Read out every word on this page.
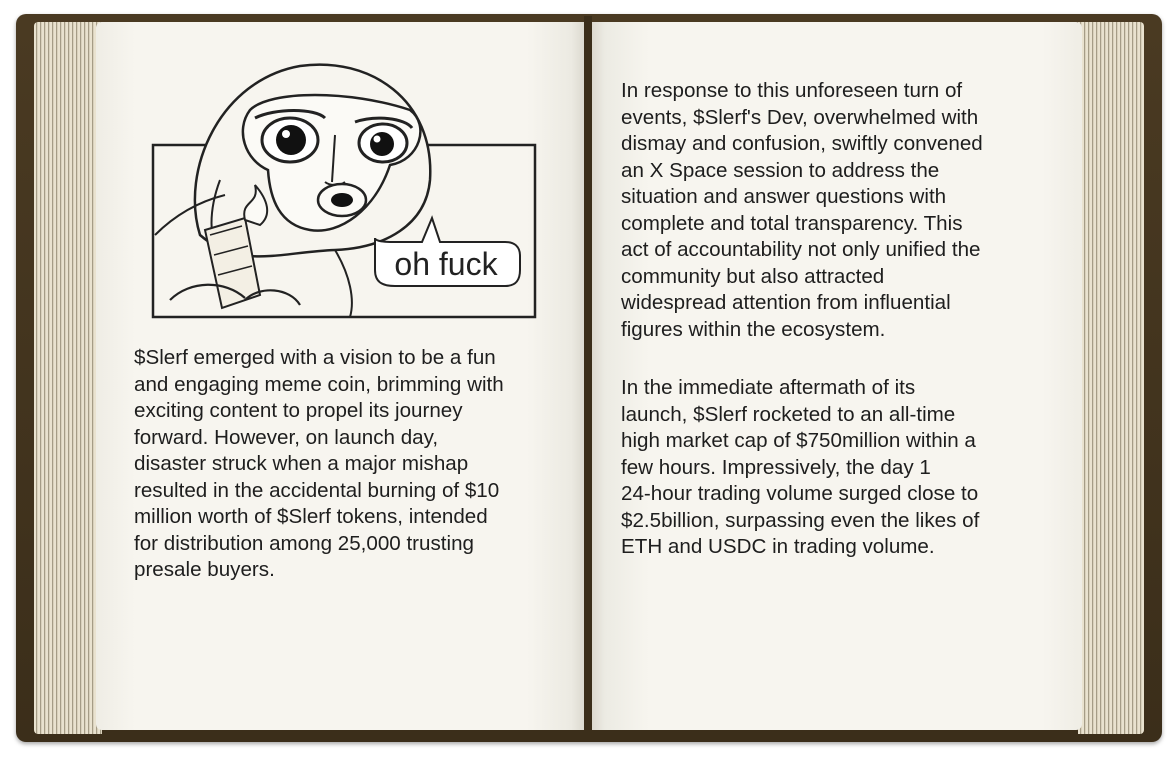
oh fuck

$Slerf emerged with a vision to be a fun
and engaging meme coin, brimming with
exciting content to propel its journey
forward. However, on launch day,
disaster struck when a major mishap
resulted in the accidental burning of $10
million worth of $Slerf tokens, intended
for distribution among 25,000 trusting
presale buyers.

In response to this unforeseen turn of
events, $Slerf's Dev, overwhelmed with
dismay and confusion, swiftly convened
an X Space session to address the
situation and answer questions with
complete and total transparency. This
act of accountability not only unified the
community but also attracted
widespread attention from influential
figures within the ecosystem.

In the immediate aftermath of its
launch, $Slerf rocketed to an all-time
high market cap of $750million within a
few hours. Impressively, the day 1
24-hour trading volume surged close to
$2.5billion, surpassing even the likes of
ETH and USDC in trading volume.
